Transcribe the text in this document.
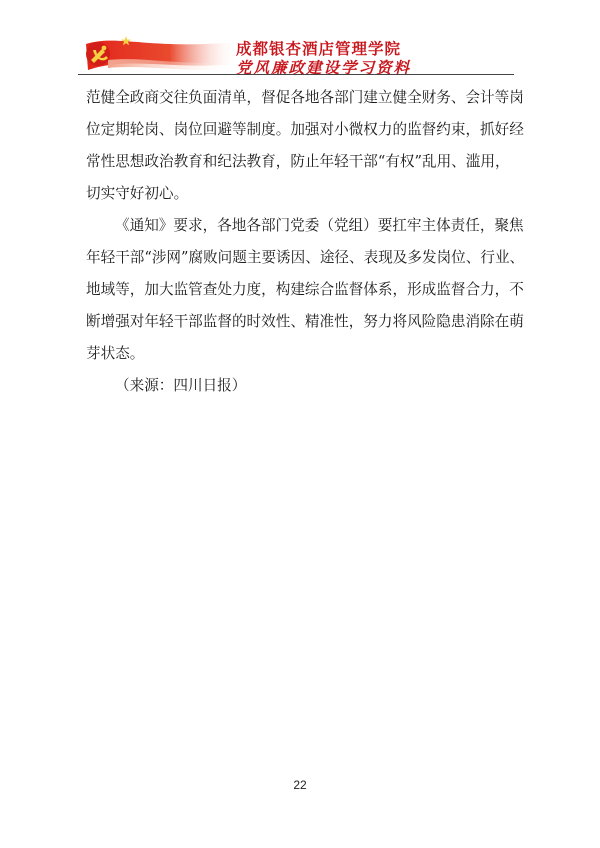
成都银杏酒店管理学院
党风廉政建设学习资料

范健全政商交往负面清单，督促各地各部门建立健全财务、会计等岗
位定期轮岗、岗位回避等制度。加强对小微权力的监督约束，抓好经
常性思想政治教育和纪法教育，防止年轻干部“有权”乱用、滥用，
切实守好初心。

《通知》要求，各地各部门党委（党组）要扛牢主体责任，聚焦
年轻干部“涉网”腐败问题主要诱因、途径、表现及多发岗位、行业、
地域等，加大监管查处力度，构建综合监督体系，形成监督合力，不
断增强对年轻干部监督的时效性、精准性，努力将风险隐患消除在萌
芽状态。

（来源：四川日报）

22
